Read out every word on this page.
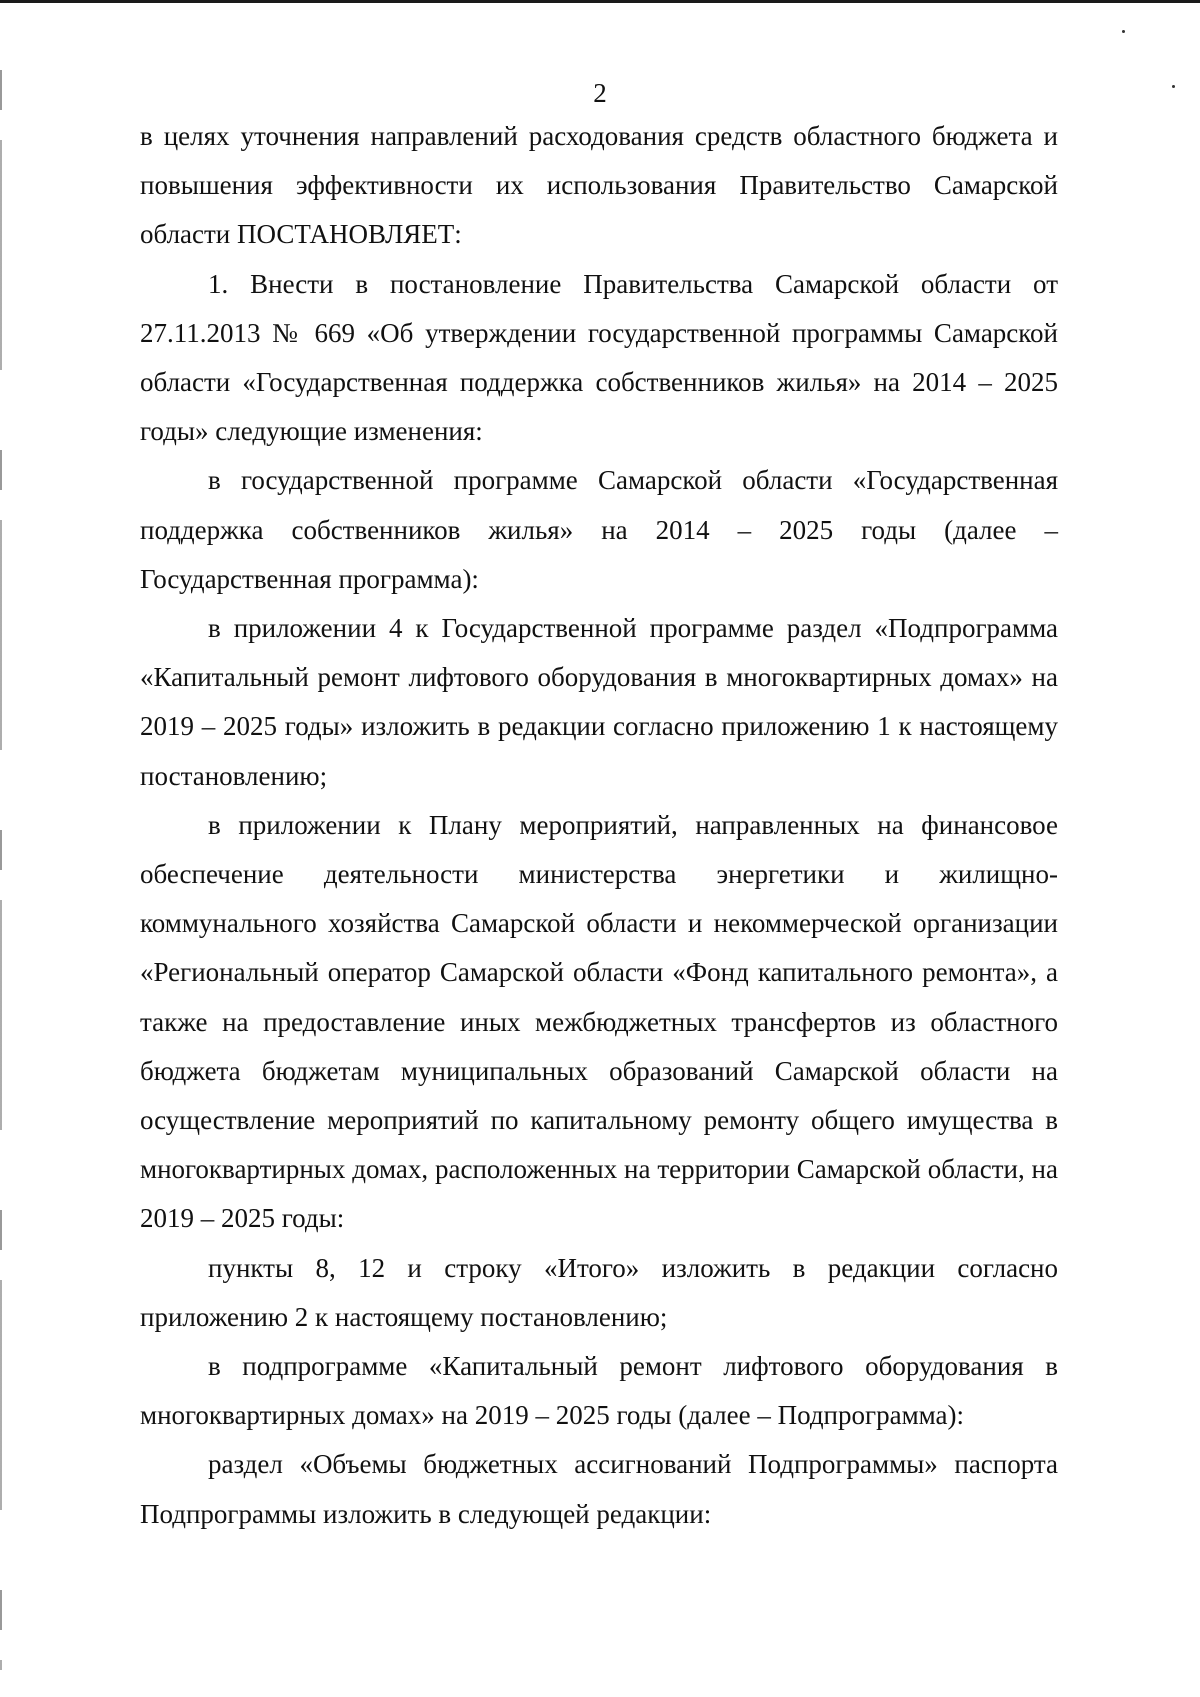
2

в целях уточнения направлений расходования средств областного бюджета и повышения эффективности их использования Правительство Самарской области ПОСТАНОВЛЯЕТ:

1. Внести в постановление Правительства Самарской области от 27.11.2013 № 669 «Об утверждении государственной программы Самарской области «Государственная поддержка собственников жилья» на 2014 – 2025 годы» следующие изменения:

в государственной программе Самарской области «Государственная поддержка собственников жилья» на 2014 – 2025 годы (далее – Государственная программа):

в приложении 4 к Государственной программе раздел «Подпрограмма «Капитальный ремонт лифтового оборудования в многоквартирных домах» на 2019 – 2025 годы» изложить в редакции согласно приложению 1 к настоящему постановлению;

в приложении к Плану мероприятий, направленных на финансовое обеспечение деятельности министерства энергетики и жилищно-коммунального хозяйства Самарской области и некоммерческой организации «Региональный оператор Самарской области «Фонд капитального ремонта», а также на предоставление иных межбюджетных трансфертов из областного бюджета бюджетам муниципальных образований Самарской области на осуществление мероприятий по капитальному ремонту общего имущества в многоквартирных домах, расположенных на территории Самарской области, на 2019 – 2025 годы:

пункты 8, 12 и строку «Итого» изложить в редакции согласно приложению 2 к настоящему постановлению;

в подпрограмме «Капитальный ремонт лифтового оборудования в многоквартирных домах» на 2019 – 2025 годы (далее – Подпрограмма):

раздел «Объемы бюджетных ассигнований Подпрограммы» паспорта Подпрограммы изложить в следующей редакции:
